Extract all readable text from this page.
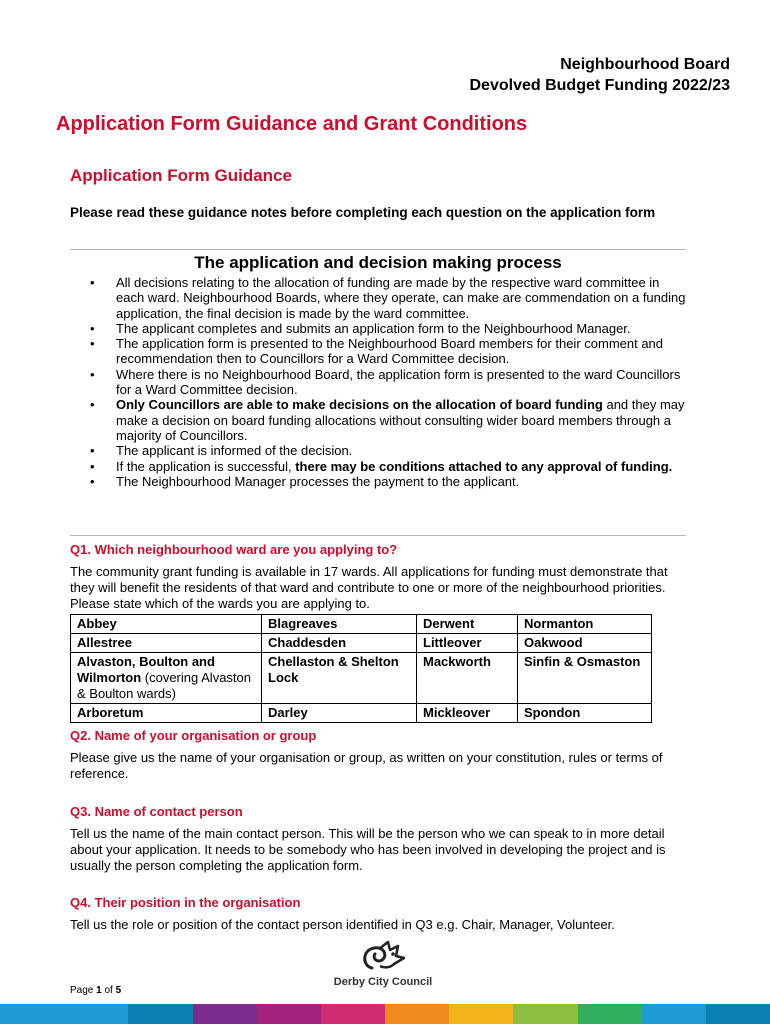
Neighbourhood Board
Devolved Budget Funding 2022/23
Application Form Guidance and Grant Conditions
Application Form Guidance
Please read these guidance notes before completing each question on the application form
The application and decision making process
• All decisions relating to the allocation of funding are made by the respective ward committee in each ward. Neighbourhood Boards, where they operate, can make are commendation on a funding application, the final decision is made by the ward committee.
• The applicant completes and submits an application form to the Neighbourhood Manager.
• The application form is presented to the Neighbourhood Board members for their comment and recommendation then to Councillors for a Ward Committee decision.
• Where there is no Neighbourhood Board, the application form is presented to the ward Councillors for a Ward Committee decision.
• Only Councillors are able to make decisions on the allocation of board funding and they may make a decision on board funding allocations without consulting wider board members through a majority of Councillors.
• The applicant is informed of the decision.
• If the application is successful, there may be conditions attached to any approval of funding.
• The Neighbourhood Manager processes the payment to the applicant.
Q1. Which neighbourhood ward are you applying to?
The community grant funding is available in 17 wards. All applications for funding must demonstrate that they will benefit the residents of that ward and contribute to one or more of the neighbourhood priorities. Please state which of the wards you are applying to.
Abbey	Blagreaves	Derwent	Normanton
Allestree	Chaddesden	Littleover	Oakwood
Alvaston, Boulton and Wilmorton (covering Alvaston & Boulton wards)	Chellaston & Shelton Lock	Mackworth	Sinfin & Osmaston
Arboretum	Darley	Mickleover	Spondon
Q2. Name of your organisation or group
Please give us the name of your organisation or group, as written on your constitution, rules or terms of reference.
Q3. Name of contact person
Tell us the name of the main contact person. This will be the person who we can speak to in more detail about your application. It needs to be somebody who has been involved in developing the project and is usually the person completing the application form.
Q4. Their position in the organisation
Tell us the role or position of the contact person identified in Q3 e.g. Chair, Manager, Volunteer.
Derby City Council
Page 1 of 5
